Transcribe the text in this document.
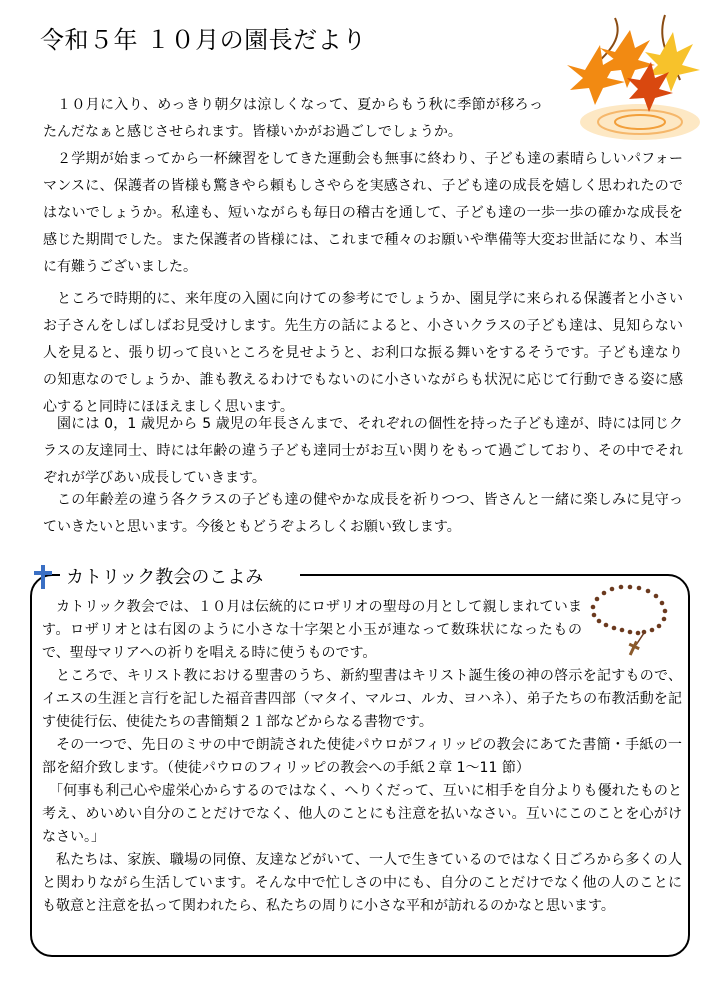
令和５年 １０月の園長だより

１０月に入り、めっきり朝夕は涼しくなって、夏からもう秋に季節が移ろったんだなぁと感じさせられます。皆様いかがお過ごしでしょうか。

２学期が始まってから一杯練習をしてきた運動会も無事に終わり、子ども達の素晴らしいパフォーマンスに、保護者の皆様も驚きやら頼もしさやらを実感され、子ども達の成長を嬉しく思われたのではないでしょうか。私達も、短いながらも毎日の稽古を通して、子ども達の一歩一歩の確かな成長を感じた期間でした。また保護者の皆様には、これまで種々のお願いや準備等大変お世話になり、本当に有難うございました。

ところで時期的に、来年度の入園に向けての参考にでしょうか、園見学に来られる保護者と小さいお子さんをしばしばお見受けします。先生方の話によると、小さいクラスの子ども達は、見知らない人を見ると、張り切って良いところを見せようと、お利口な振る舞いをするそうです。子ども達なりの知恵なのでしょうか、誰も教えるわけでもないのに小さいながらも状況に応じて行動できる姿に感心すると同時にほほえましく思います。

園には 0，1 歳児から 5 歳児の年長さんまで、それぞれの個性を持った子ども達が、時には同じクラスの友達同士、時には年齢の違う子ども達同士がお互い関りをもって過ごしており、その中でそれぞれが学びあい成長していきます。

この年齢差の違う各クラスの子ども達の健やかな成長を祈りつつ、皆さんと一緒に楽しみに見守っていきたいと思います。今後ともどうぞよろしくお願い致します。

カトリック教会のこよみ

カトリック教会では、１０月は伝統的にロザリオの聖母の月として親しまれています。ロザリオとは右図のように小さな十字架と小玉が連なって数珠状になったもので、聖母マリアへの祈りを唱える時に使うものです。

ところで、キリスト教における聖書のうち、新約聖書はキリスト誕生後の神の啓示を記すもので、イエスの生涯と言行を記した福音書四部（マタイ、マルコ、ルカ、ヨハネ）、弟子たちの布教活動を記す使徒行伝、使徒たちの書簡類２１部などからなる書物です。

その一つで、先日のミサの中で朗読された使徒パウロがフィリッピの教会にあてた書簡・手紙の一部を紹介致します。（使徒パウロのフィリッピの教会への手紙２章 1～11 節）

「何事も利己心や虚栄心からするのではなく、へりくだって、互いに相手を自分よりも優れたものと考え、めいめい自分のことだけでなく、他人のことにも注意を払いなさい。互いにこのことを心がけなさい。」

私たちは、家族、職場の同僚、友達などがいて、一人で生きているのではなく日ごろから多くの人と関わりながら生活しています。そんな中で忙しさの中にも、自分のことだけでなく他の人のことにも敬意と注意を払って関われたら、私たちの周りに小さな平和が訪れるのかなと思います。
